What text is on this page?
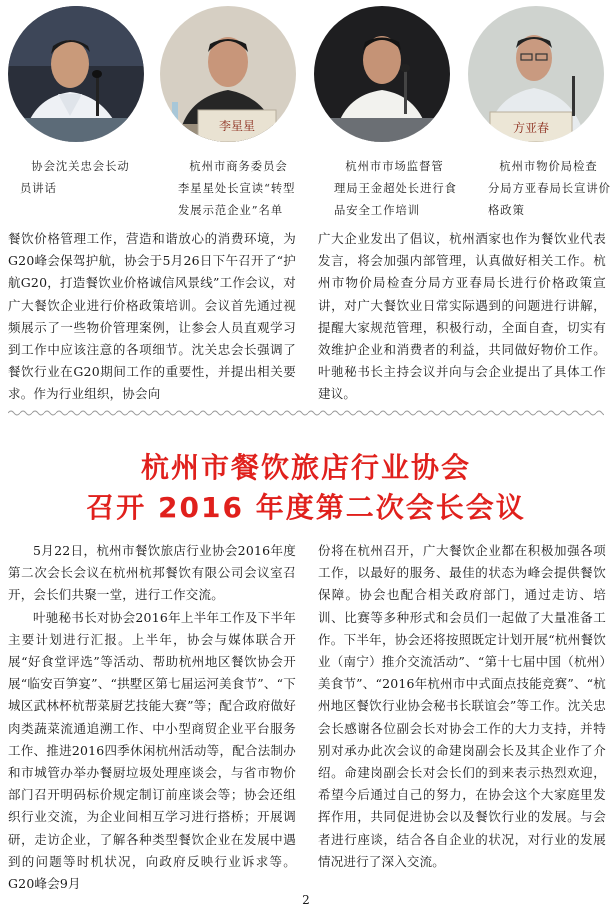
李星星	方亚春
协会沈关忠会长动
员讲话
杭州市商务委员会
李星星处长宣读“转型
发展示范企业”名单
杭州市市场监督管
理局王金超处长进行食
品安全工作培训
杭州市物价局检查
分局方亚春局长宣讲价
格政策

餐饮价格管理工作，营造和谐放心的消费环境，为G20峰会保驾护航，协会于5月26日下午召开了“护航G20，打造餐饮业价格诚信风景线”工作会议，对广大餐饮企业进行价格政策培训。会议首先通过视频展示了一些物价管理案例，让参会人员直观学习到工作中应该注意的各项细节。沈关忠会长强调了餐饮行业在G20期间工作的重要性，并提出相关要求。作为行业组织，协会向

广大企业发出了倡议，杭州酒家也作为餐饮业代表发言，将会加强内部管理，认真做好相关工作。杭州市物价局检查分局方亚春局长进行价格政策宣讲，对广大餐饮业日常实际遇到的问题进行讲解，提醒大家规范管理，积极行动，全面自查，切实有效维护企业和消费者的利益，共同做好物价工作。叶驰秘书长主持会议并向与会企业提出了具体工作建议。

杭州市餐饮旅店行业协会
召开 2016 年度第二次会长会议

5月22日，杭州市餐饮旅店行业协会2016年度第二次会长会议在杭州杭邦餐饮有限公司会议室召开，会长们共聚一堂，进行工作交流。

叶驰秘书长对协会2016年上半年工作及下半年主要计划进行汇报。上半年，协会与媒体联合开展“好食堂评选”等活动、帮助杭州地区餐饮协会开展“临安百笋宴”、“拱墅区第七届运河美食节”、“下城区武林杯杭帮菜厨艺技能大赛”等；配合政府做好肉类蔬菜流通追溯工作、中小型商贸企业平台服务工作、推进2016四季休闲杭州活动等，配合法制办和市城管办举办餐厨垃圾处理座谈会，与省市物价部门召开明码标价规定制订前座谈会等；协会还组织行业交流，为企业间相互学习进行搭桥；开展调研，走访企业，了解各种类型餐饮企业在发展中遇到的问题等时机状况，向政府反映行业诉求等。G20峰会9月

份将在杭州召开，广大餐饮企业都在积极加强各项工作，以最好的服务、最佳的状态为峰会提供餐饮保障。协会也配合相关政府部门，通过走访、培训、比赛等多种形式和会员们一起做了大量准备工作。下半年，协会还将按照既定计划开展“杭州餐饮业（南宁）推介交流活动”、“第十七届中国（杭州）美食节”、“2016年杭州市中式面点技能竞赛”、“杭州地区餐饮行业协会秘书长联谊会”等工作。沈关忠会长感谢各位副会长对协会工作的大力支持，并特别对承办此次会议的命建岗副会长及其企业作了介绍。命建岗副会长对会长们的到来表示热烈欢迎，希望今后通过自己的努力，在协会这个大家庭里发挥作用，共同促进协会以及餐饮行业的发展。与会者进行座谈，结合各自企业的状况，对行业的发展情况进行了深入交流。

2
